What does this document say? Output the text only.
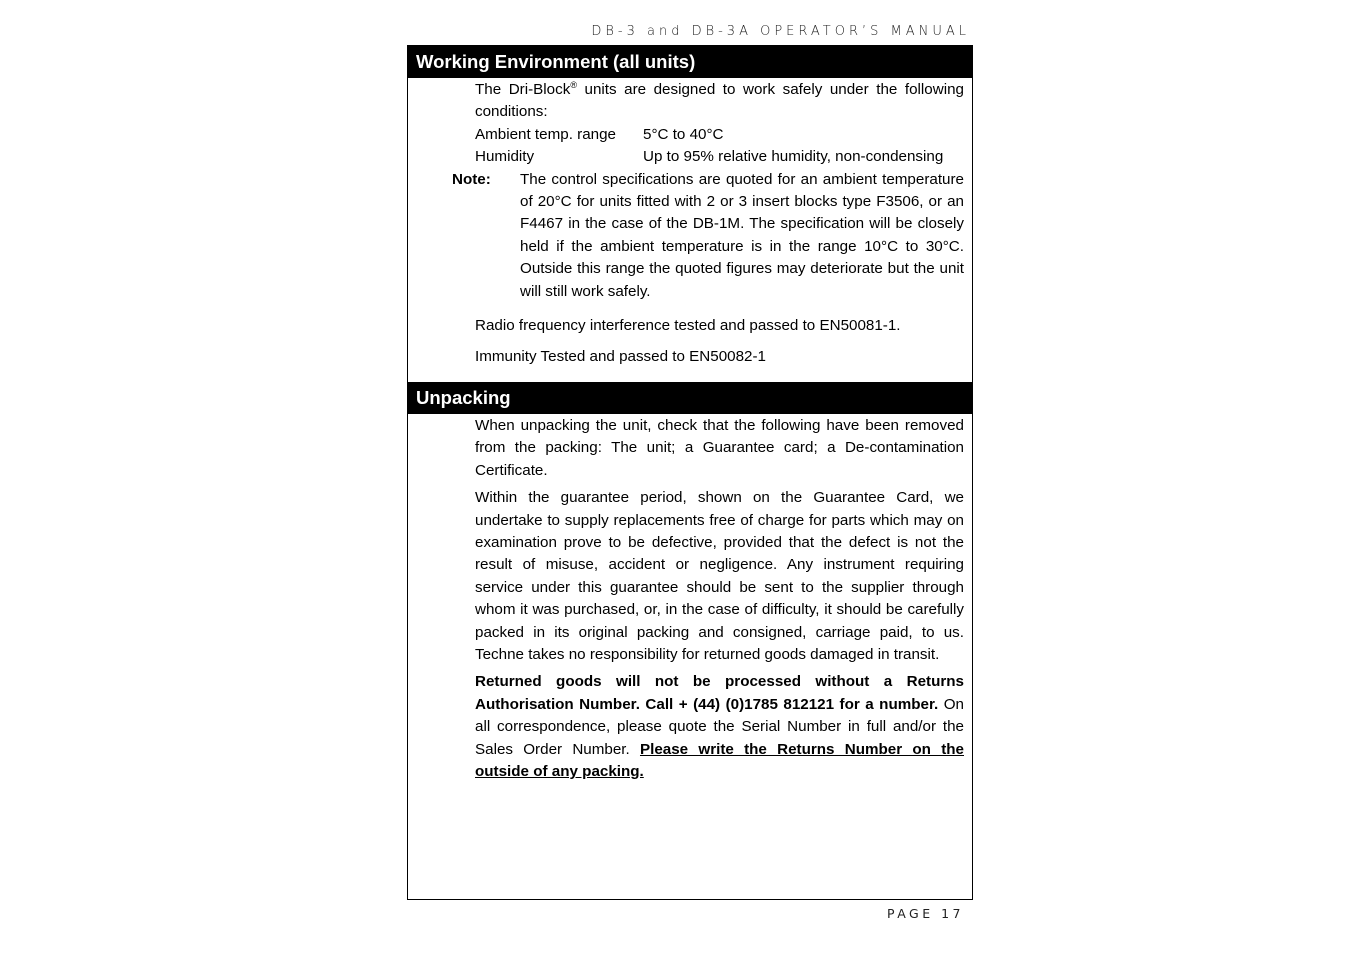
DB-3 and DB-3A OPERATOR’S MANUAL
Working Environment (all units)

The Dri-Block® units are designed to work safely under the following conditions:

Ambient temp. range	5°C to 40°C
Humidity	Up to 95% relative humidity, non-condensing
Note:	The control specifications are quoted for an ambient temperature of 20°C for units fitted with 2 or 3 insert blocks type F3506, or an F4467 in the case of the DB-1M. The specification will be closely held if the ambient temperature is in the range 10°C to 30°C. Outside this range the quoted figures may deteriorate but the unit will still work safely.

Radio frequency interference tested and passed to EN50081-1.

Immunity Tested and passed to EN50082-1

Unpacking

When unpacking the unit, check that the following have been removed from the packing: The unit; a Guarantee card; a De-contamination Certificate.

Within the guarantee period, shown on the Guarantee Card, we undertake to supply replacements free of charge for parts which may on examination prove to be defective, provided that the defect is not the result of misuse, accident or negligence. Any instrument requiring service under this guarantee should be sent to the supplier through whom it was purchased, or, in the case of difficulty, it should be carefully packed in its original packing and consigned, carriage paid, to us. Techne takes no responsibility for returned goods damaged in transit.

Returned goods will not be processed without a Returns Authorisation Number. Call + (44) (0)1785 812121 for a number. On all correspondence, please quote the Serial Number in full and/or the Sales Order Number. Please write the Returns Number on the outside of any packing.

PAGE 17
